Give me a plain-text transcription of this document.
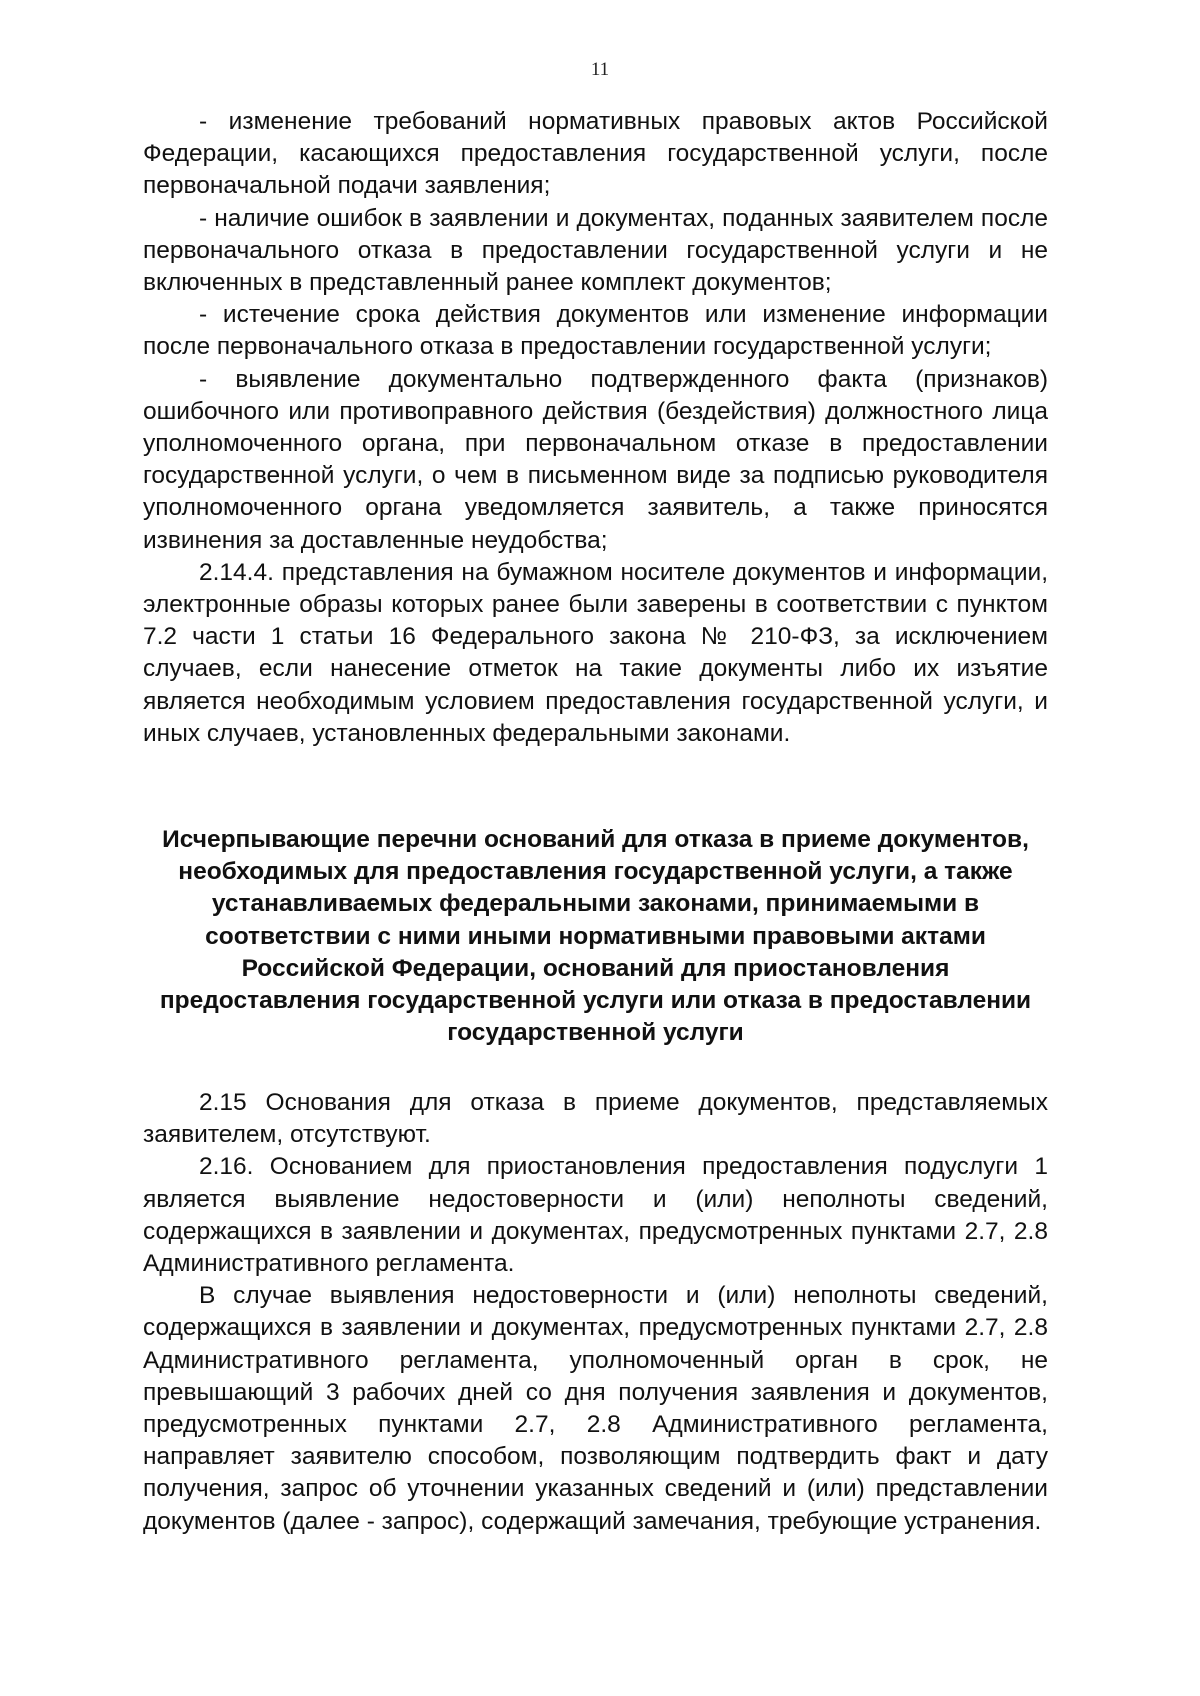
11

- изменение требований нормативных правовых актов Российской Федерации, касающихся предоставления государственной услуги, после первоначальной подачи заявления;

- наличие ошибок в заявлении и документах, поданных заявителем после первоначального отказа в предоставлении государственной услуги и не включенных в представленный ранее комплект документов;

- истечение срока действия документов или изменение информации после первоначального отказа в предоставлении государственной услуги;

- выявление документально подтвержденного факта (признаков) ошибочного или противоправного действия (бездействия) должностного лица уполномоченного органа, при первоначальном отказе в предоставлении государственной услуги, о чем в письменном виде за подписью руководителя уполномоченного органа уведомляется заявитель, а также приносятся извинения за доставленные неудобства;

2.14.4. представления на бумажном носителе документов и информации, электронные образы которых ранее были заверены в соответствии с пунктом 7.2 части 1 статьи 16 Федерального закона № 210-ФЗ, за исключением случаев, если нанесение отметок на такие документы либо их изъятие является необходимым условием предоставления государственной услуги, и иных случаев, установленных федеральными законами.

Исчерпывающие перечни оснований для отказа в приеме документов, необходимых для предоставления государственной услуги, а также устанавливаемых федеральными законами, принимаемыми в соответствии с ними иными нормативными правовыми актами Российской Федерации, оснований для приостановления предоставления государственной услуги или отказа в предоставлении государственной услуги

2.15 Основания для отказа в приеме документов, представляемых заявителем, отсутствуют.

2.16. Основанием для приостановления предоставления подуслуги 1 является выявление недостоверности и (или) неполноты сведений, содержащихся в заявлении и документах, предусмотренных пунктами 2.7, 2.8 Административного регламента.

В случае выявления недостоверности и (или) неполноты сведений, содержащихся в заявлении и документах, предусмотренных пунктами 2.7, 2.8 Административного регламента, уполномоченный орган в срок, не превышающий 3 рабочих дней со дня получения заявления и документов, предусмотренных пунктами 2.7, 2.8 Административного регламента, направляет заявителю способом, позволяющим подтвердить факт и дату получения, запрос об уточнении указанных сведений и (или) представлении документов (далее - запрос), содержащий замечания, требующие устранения.
